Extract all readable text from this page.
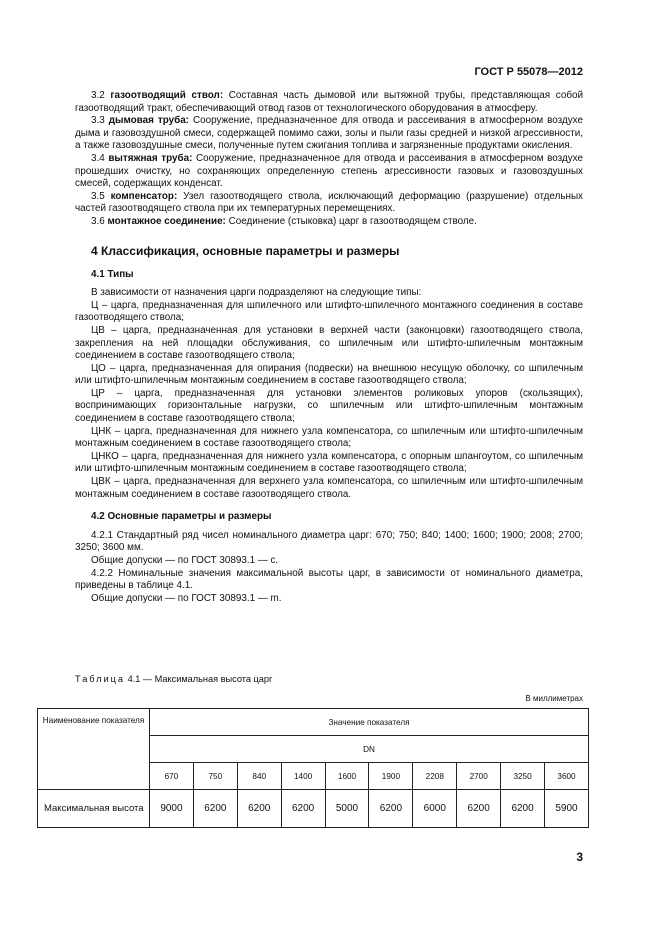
ГОСТ Р 55078—2012

3.2 газоотводящий ствол: Составная часть дымовой или вытяжной трубы, представляющая собой газоотводящий тракт, обеспечивающий отвод газов от технологического оборудования в атмосферу.

3.3 дымовая труба: Сооружение, предназначенное для отвода и рассеивания в атмосферном воздухе дыма и газовоздушной смеси, содержащей помимо сажи, золы и пыли газы средней и низкой агрессивности, а также газовоздушные смеси, полученные путем сжигания топлива и загрязненные продуктами окисления.

3.4 вытяжная труба: Сооружение, предназначенное для отвода и рассеивания в атмосферном воздухе прошедших очистку, но сохраняющих определенную степень агрессивности газовых и газовоздушных смесей, содержащих конденсат.

3.5 компенсатор: Узел газоотводящего ствола, исключающий деформацию (разрушение) отдельных частей газоотводящего ствола при их температурных перемещениях.

3.6 монтажное соединение: Соединение (стыковка) царг в газоотводящем стволе.

4 Классификация, основные параметры и размеры
4.1 Типы

В зависимости от назначения царги подразделяют на следующие типы:

Ц – царга, предназначенная для шпилечного или штифто-шпилечного монтажного соединения в составе газоотводящего ствола;

ЦВ – царга, предназначенная для установки в верхней части (законцовки) газоотводящего ствола, закрепления на ней площадки обслуживания, со шпилечным или штифто-шпилечным монтажным соединением в составе газоотводящего ствола;

ЦО – царга, предназначенная для опирания (подвески) на внешнюю несущую оболочку, со шпилечным или штифто-шпилечным монтажным соединением в составе газоотводящего ствола;

ЦР – царга, предназначенная для установки элементов роликовых упоров (скользящих), воспринимающих горизонтальные нагрузки, со шпилечным или штифто-шпилечным монтажным соединением в составе газоотводящего ствола;

ЦНК – царга, предназначенная для нижнего узла компенсатора, со шпилечным или штифто-шпилечным монтажным соединением в составе газоотводящего ствола;

ЦНКО – царга, предназначенная для нижнего узла компенсатора, с опорным шпангоутом, со шпилечным или штифто-шпилечным монтажным соединением в составе газоотводящего ствола;

ЦВК – царга, предназначенная для верхнего узла компенсатора, со шпилечным или штифто-шпилечным монтажным соединением в составе газоотводящего ствола.

4.2 Основные параметры и размеры

4.2.1 Стандартный ряд чисел номинального диаметра царг: 670; 750; 840; 1400; 1600; 1900; 2008; 2700; 3250; 3600 мм.

Общие допуски — по ГОСТ 30893.1 — с.

4.2.2 Номинальные значения максимальной высоты царг, в зависимости от номинального диаметра, приведены в таблице 4.1.

Общие допуски — по ГОСТ 30893.1 — m.

Таблица 4.1 — Максимальная высота царг
В миллиметрах
Наименование показателя	Значение показателя									
	DN									
	670	750	840	1400	1600	1900	2208	2700	3250	3600
Максимальная высота	9000	6200	6200	6200	5000	6200	6000	6200	6200	5900
3
